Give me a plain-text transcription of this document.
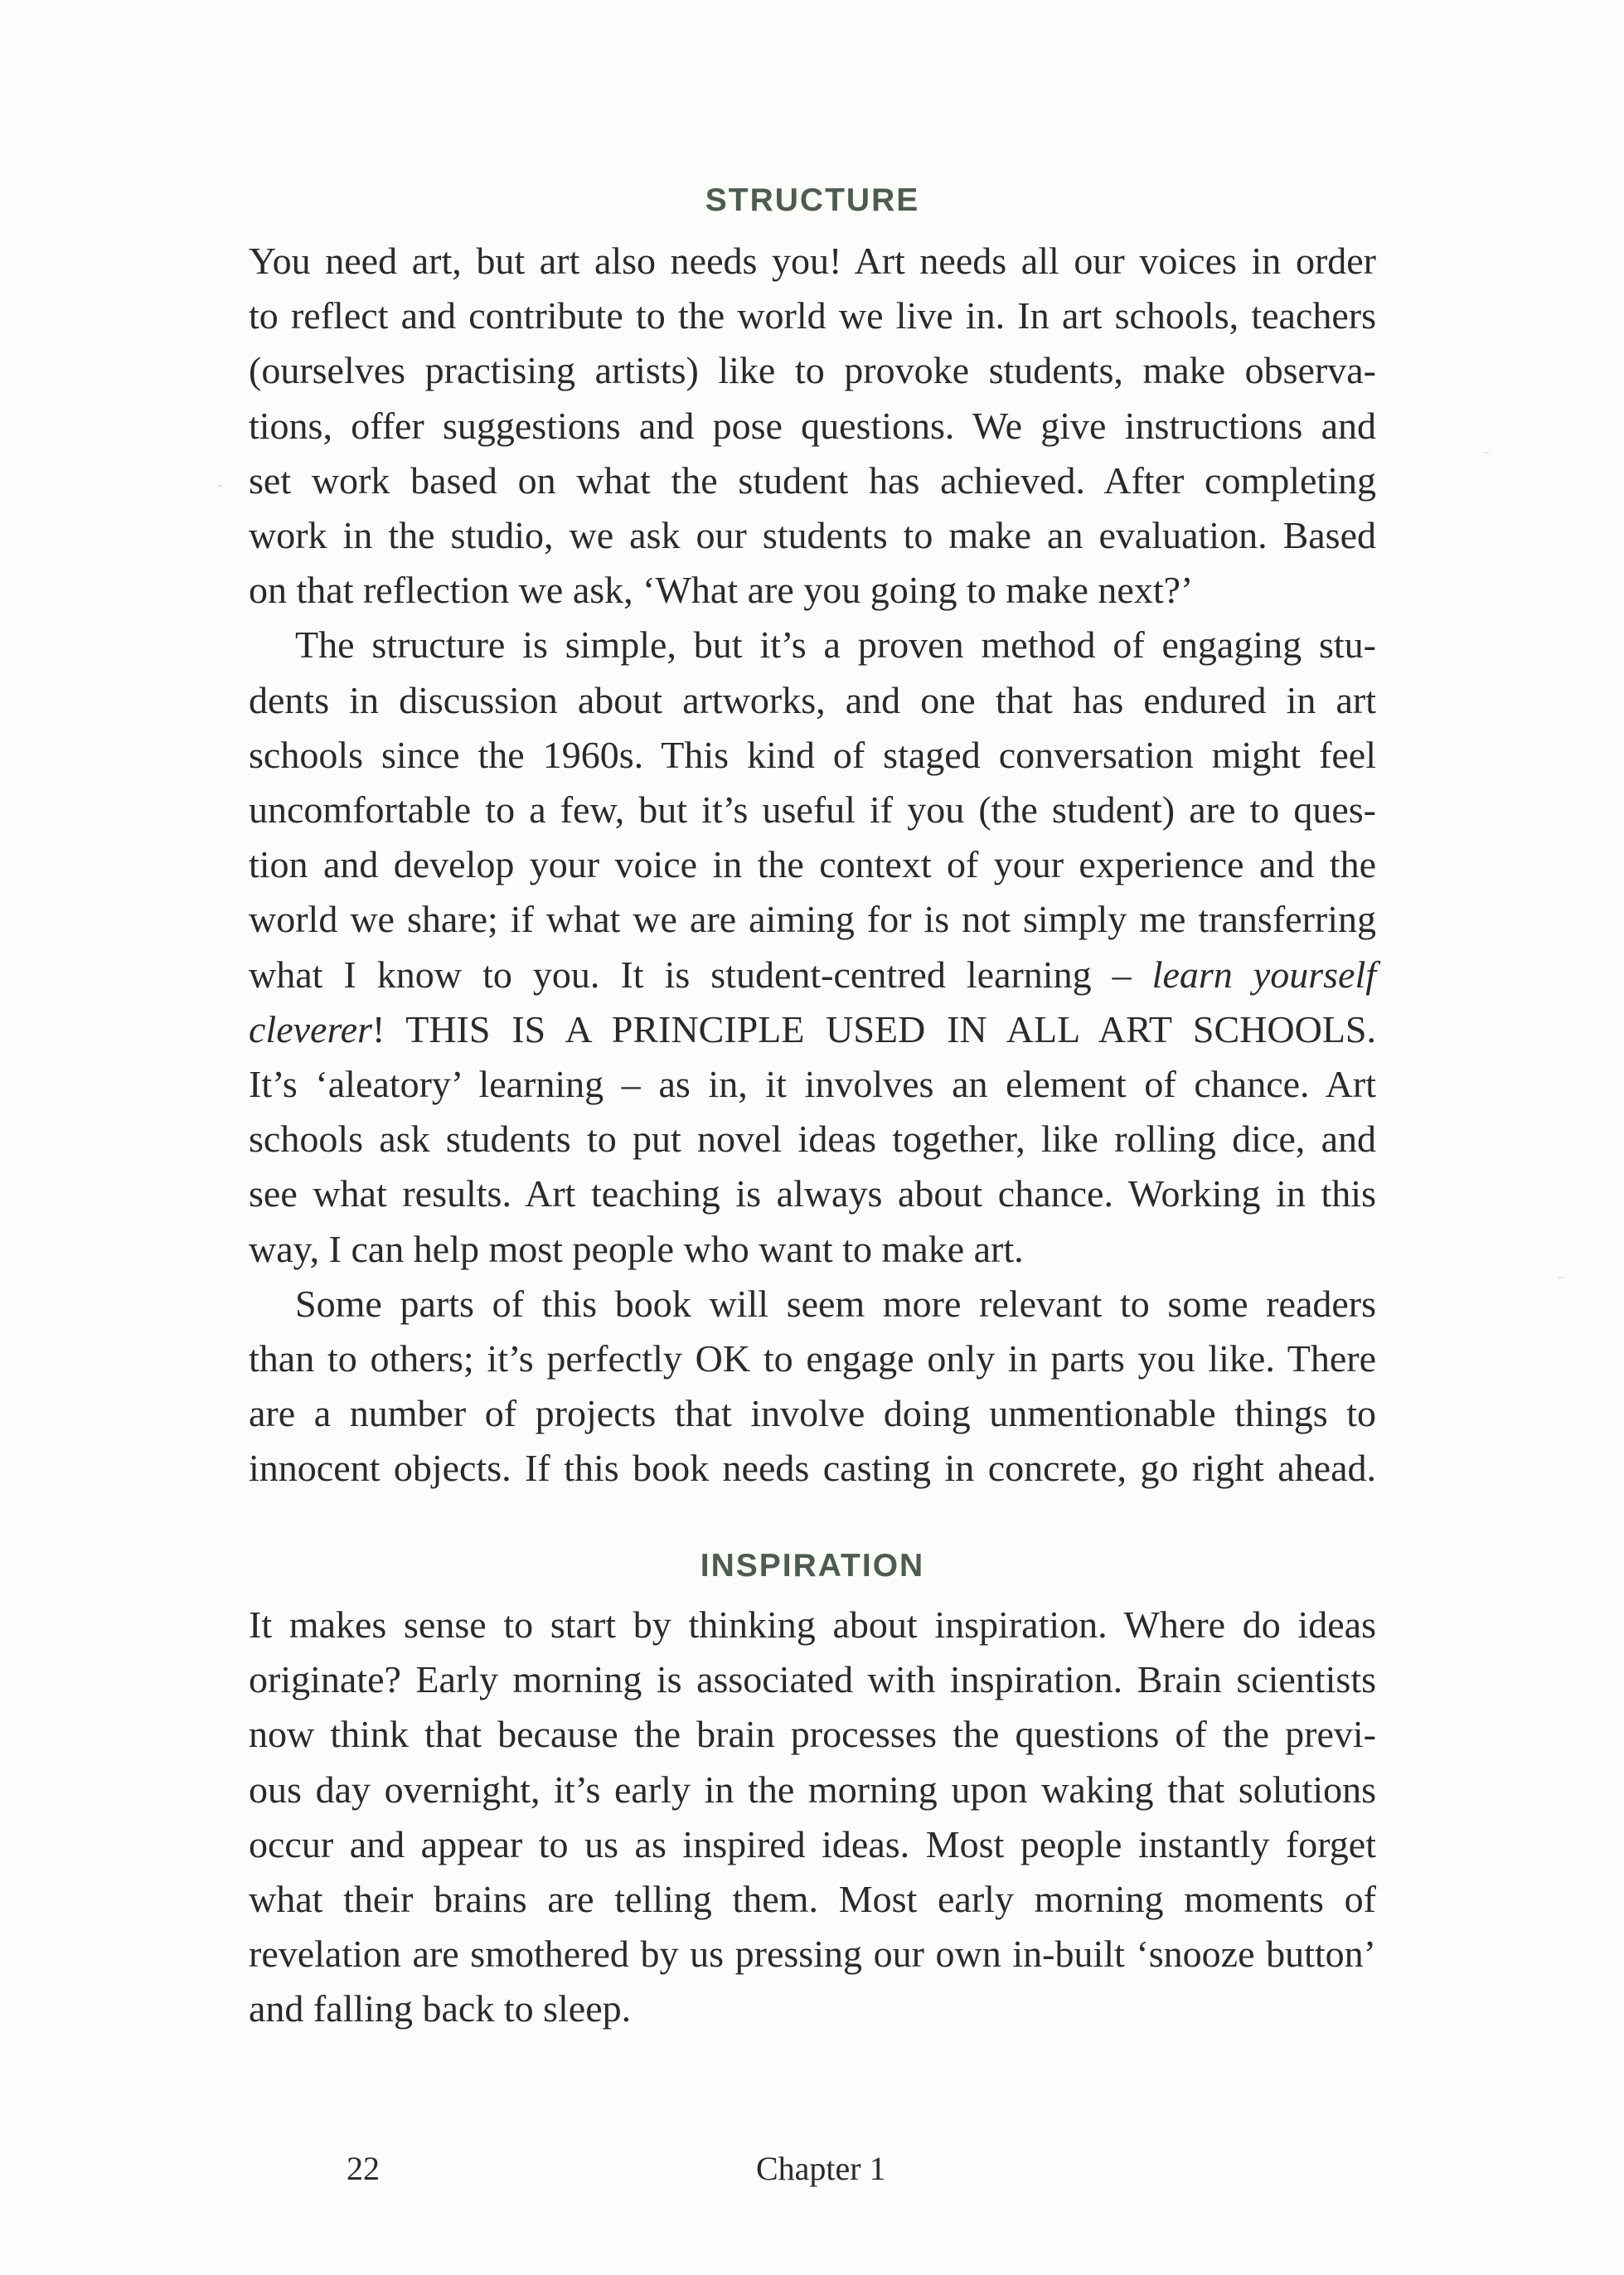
STRUCTURE
You need art, but art also needs you! Art needs all our voices in order
to reflect and contribute to the world we live in. In art schools, teachers
(ourselves practising artists) like to provoke students, make observa-
tions, offer suggestions and pose questions. We give instructions and
set work based on what the student has achieved. After completing
work in the studio, we ask our students to make an evaluation. Based
on that reflection we ask, ‘What are you going to make next?’
The structure is simple, but it’s a proven method of engaging stu-
dents in discussion about artworks, and one that has endured in art
schools since the 1960s. This kind of staged conversation might feel
uncomfortable to a few, but it’s useful if you (the student) are to ques-
tion and develop your voice in the context of your experience and the
world we share; if what we are aiming for is not simply me transferring
what I know to you. It is student-centred learning – learn yourself
cleverer! THIS IS A PRINCIPLE USED IN ALL ART SCHOOLS.
It’s ‘aleatory’ learning – as in, it involves an element of chance. Art
schools ask students to put novel ideas together, like rolling dice, and
see what results. Art teaching is always about chance. Working in this
way, I can help most people who want to make art.
Some parts of this book will seem more relevant to some readers
than to others; it’s perfectly OK to engage only in parts you like. There
are a number of projects that involve doing unmentionable things to
innocent objects. If this book needs casting in concrete, go right ahead.
INSPIRATION
It makes sense to start by thinking about inspiration. Where do ideas
originate? Early morning is associated with inspiration. Brain scientists
now think that because the brain processes the questions of the previ-
ous day overnight, it’s early in the morning upon waking that solutions
occur and appear to us as inspired ideas. Most people instantly forget
what their brains are telling them. Most early morning moments of
revelation are smothered by us pressing our own in-built ‘snooze button’
and falling back to sleep.
22	Chapter 1
